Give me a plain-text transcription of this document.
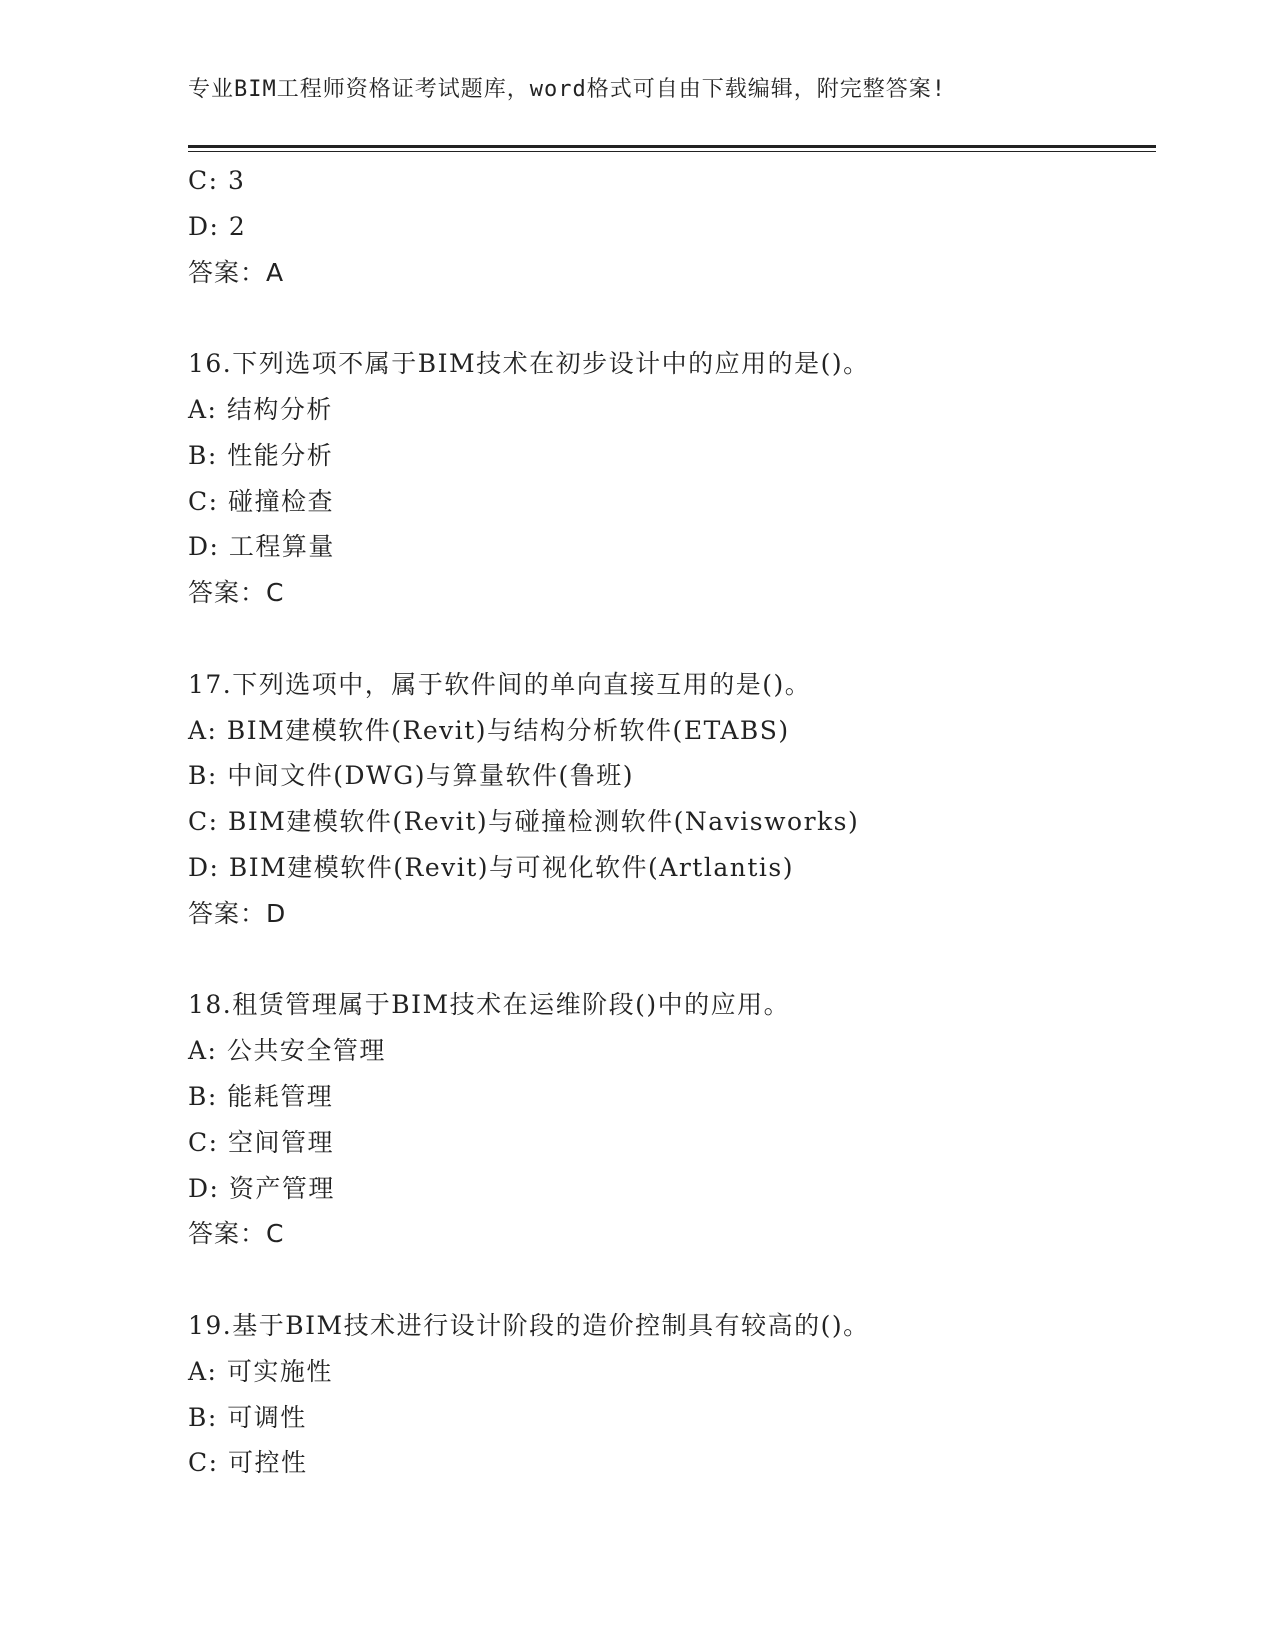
专业BIM工程师资格证考试题库，word格式可自由下载编辑，附完整答案!
C: 3
D: 2
答案：A
16.下列选项不属于BIM技术在初步设计中的应用的是()。
A: 结构分析
B: 性能分析
C: 碰撞检查
D: 工程算量
答案：C
17.下列选项中，属于软件间的单向直接互用的是()。
A: BIM建模软件(Revit)与结构分析软件(ETABS)
B: 中间文件(DWG)与算量软件(鲁班)
C: BIM建模软件(Revit)与碰撞检测软件(Navisworks)
D: BIM建模软件(Revit)与可视化软件(Artlantis)
答案：D
18.租赁管理属于BIM技术在运维阶段()中的应用。
A: 公共安全管理
B: 能耗管理
C: 空间管理
D: 资产管理
答案：C
19.基于BIM技术进行设计阶段的造价控制具有较高的()。
A: 可实施性
B: 可调性
C: 可控性
